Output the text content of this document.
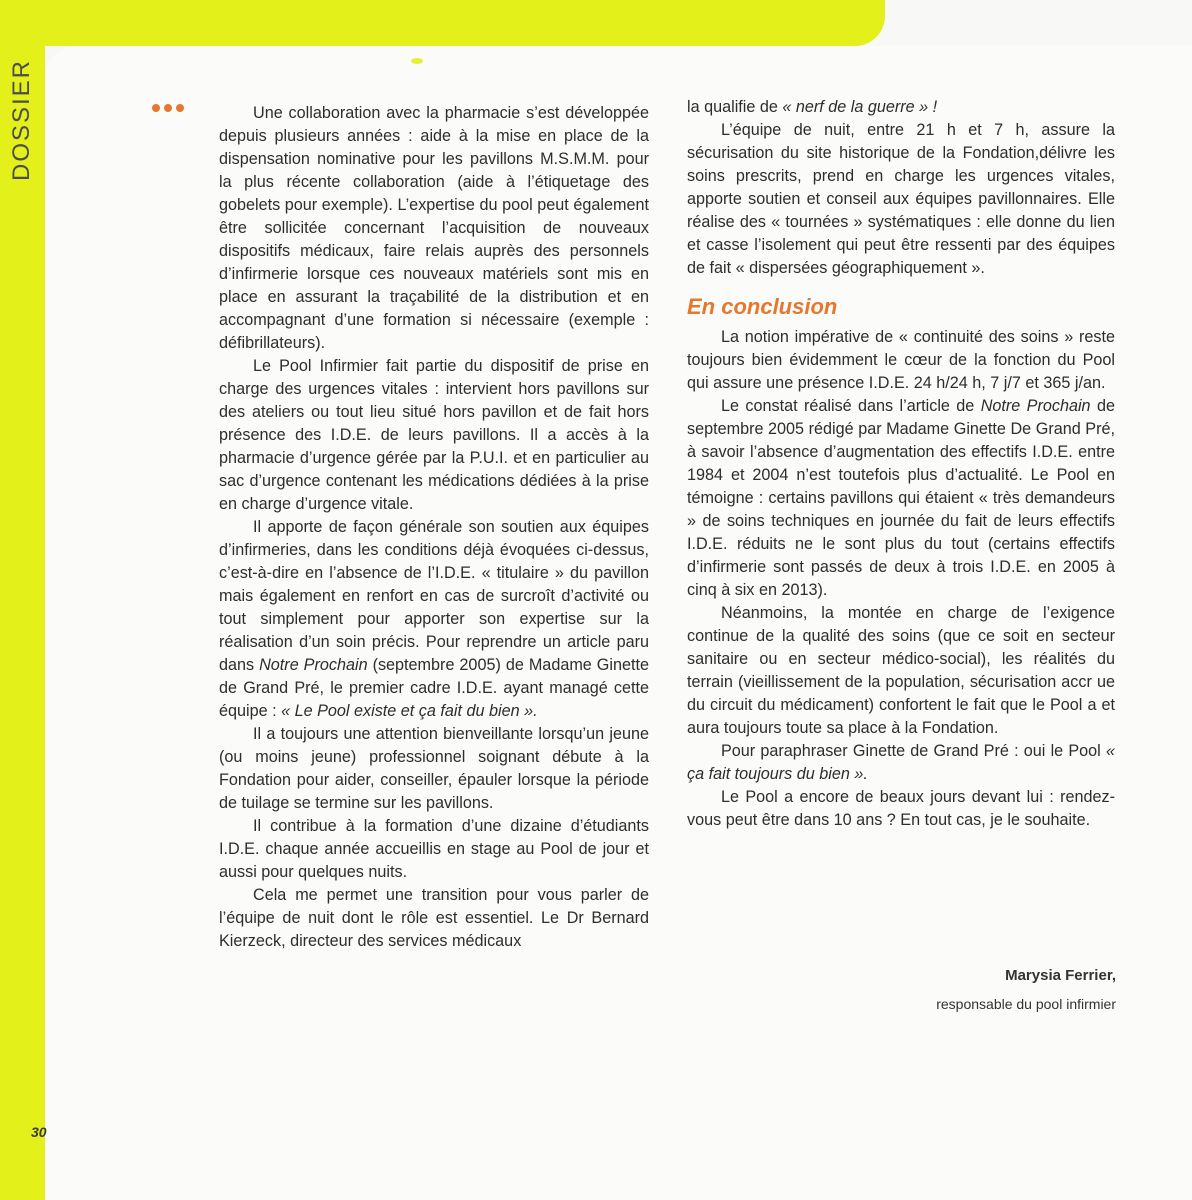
DOSSIER	Une collaboration avec la pharmacie s’est développée depuis plusieurs années : aide à la mise en place de la dispensation nominative pour les pavillons M.S.M.M. pour la plus récente collaboration (aide à l’étiquetage des gobelets pour exemple). L’expertise du pool peut également être sollicitée concernant l’acquisition de nouveaux dispositifs médicaux, faire relais auprès des personnels d’infirmerie lorsque ces nouveaux matériels sont mis en place en assurant la traçabilité de la distribution et en accompagnant d’une formation si nécessaire (exemple : défibrillateurs).

Le Pool Infirmier fait partie du dispositif de prise en charge des urgences vitales : intervient hors pavillons sur des ateliers ou tout lieu situé hors pavillon et de fait hors présence des I.D.E. de leurs pavillons. Il a accès à la pharmacie d’urgence gérée par la P.U.I. et en particulier au sac d’urgence contenant les médications dédiées à la prise en charge d’urgence vitale.

Il apporte de façon générale son soutien aux équipes d’infirmeries, dans les conditions déjà évoquées ci-dessus, c’est-à-dire en l’absence de l’I.D.E. « titulaire » du pavillon mais également en renfort en cas de surcroît d’activité ou tout simplement pour apporter son expertise sur la réalisation d’un soin précis. Pour reprendre un article paru dans Notre Prochain (septembre 2005) de Madame Ginette de Grand Pré, le premier cadre I.D.E. ayant managé cette équipe : « Le Pool existe et ça fait du bien ».

Il a toujours une attention bienveillante lorsqu’un jeune (ou moins jeune) professionnel soignant débute à la Fondation pour aider, conseiller, épauler lorsque la période de tuilage se termine sur les pavillons.

Il contribue à la formation d’une dizaine d’étudiants I.D.E. chaque année accueillis en stage au Pool de jour et aussi pour quelques nuits.

Cela me permet une transition pour vous parler de l’équipe de nuit dont le rôle est essentiel. Le Dr Bernard Kierzeck, directeur des services médicaux

la qualifie de « nerf de la guerre » !

L’équipe de nuit, entre 21 h et 7 h, assure la sécurisation du site historique de la Fondation,délivre les soins prescrits, prend en charge les urgences vitales, apporte soutien et conseil aux équipes pavillonnaires. Elle réalise des « tournées » systématiques : elle donne du lien et casse l’isolement qui peut être ressenti par des équipes de fait « dispersées géographiquement ».

En conclusion

La notion impérative de « continuité des soins » reste toujours bien évidemment le cœur de la fonction du Pool qui assure une présence I.D.E. 24 h/24 h, 7 j/7 et 365 j/an.

Le constat réalisé dans l’article de Notre Prochain de septembre 2005 rédigé par Madame Ginette De Grand Pré, à savoir l’absence d’augmentation des effectifs I.D.E. entre 1984 et 2004 n’est toutefois plus d’actualité. Le Pool en témoigne : certains pavillons qui étaient « très demandeurs » de soins techniques en journée du fait de leurs effectifs I.D.E. réduits ne le sont plus du tout (certains effectifs d’infirmerie sont passés de deux à trois I.D.E. en 2005 à cinq à six en 2013).

Néanmoins, la montée en charge de l’exigence continue de la qualité des soins (que ce soit en secteur sanitaire ou en secteur médico-social), les réalités du terrain (vieillissement de la population, sécurisation accr ue du circuit du médicament) confortent le fait que le Pool a et aura toujours toute sa place à la Fondation.

Pour paraphraser Ginette de Grand Pré : oui le Pool « ça fait toujours du bien ».

Le Pool a encore de beaux jours devant lui : rendez-vous peut être dans 10 ans ? En tout cas, je le souhaite.

Marysia Ferrier,
responsable du pool infirmier
30
